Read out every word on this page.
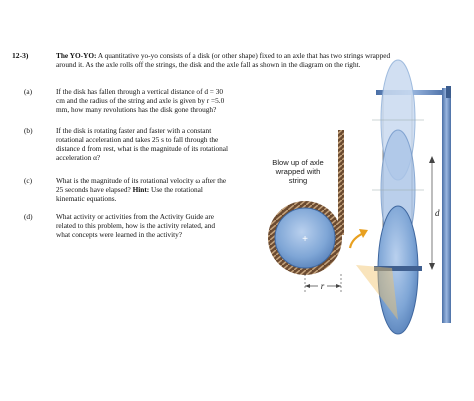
12-3)	The YO-YO: A quantitative yo-yo consists of a disk (or other shape) fixed to an axle that has two strings wrapped around it. As the axle rolls off the strings, the disk and the axle fall as shown in the diagram on the right.
(a)	If the disk has fallen through a vertical distance of d = 30
cm and the radius of the string and axle is given by r =5.0
mm, how many revolutions has the disk gone through?
(b)	If the disk is rotating faster and faster with a constant
rotational acceleration and takes 25 s to fall through the
distance d from rest, what is the magnitude of its rotational
acceleration α?
(c)	What is the magnitude of its rotational velocity ω after the
25 seconds have elapsed? Hint: Use the rotational
kinematic equations.
(d)	What activity or activities from the Activity Guide are
related to this problem, how is the activity related, and
what concepts were learned in the activity?
d
+
r
Blow up of axle wrapped with string
